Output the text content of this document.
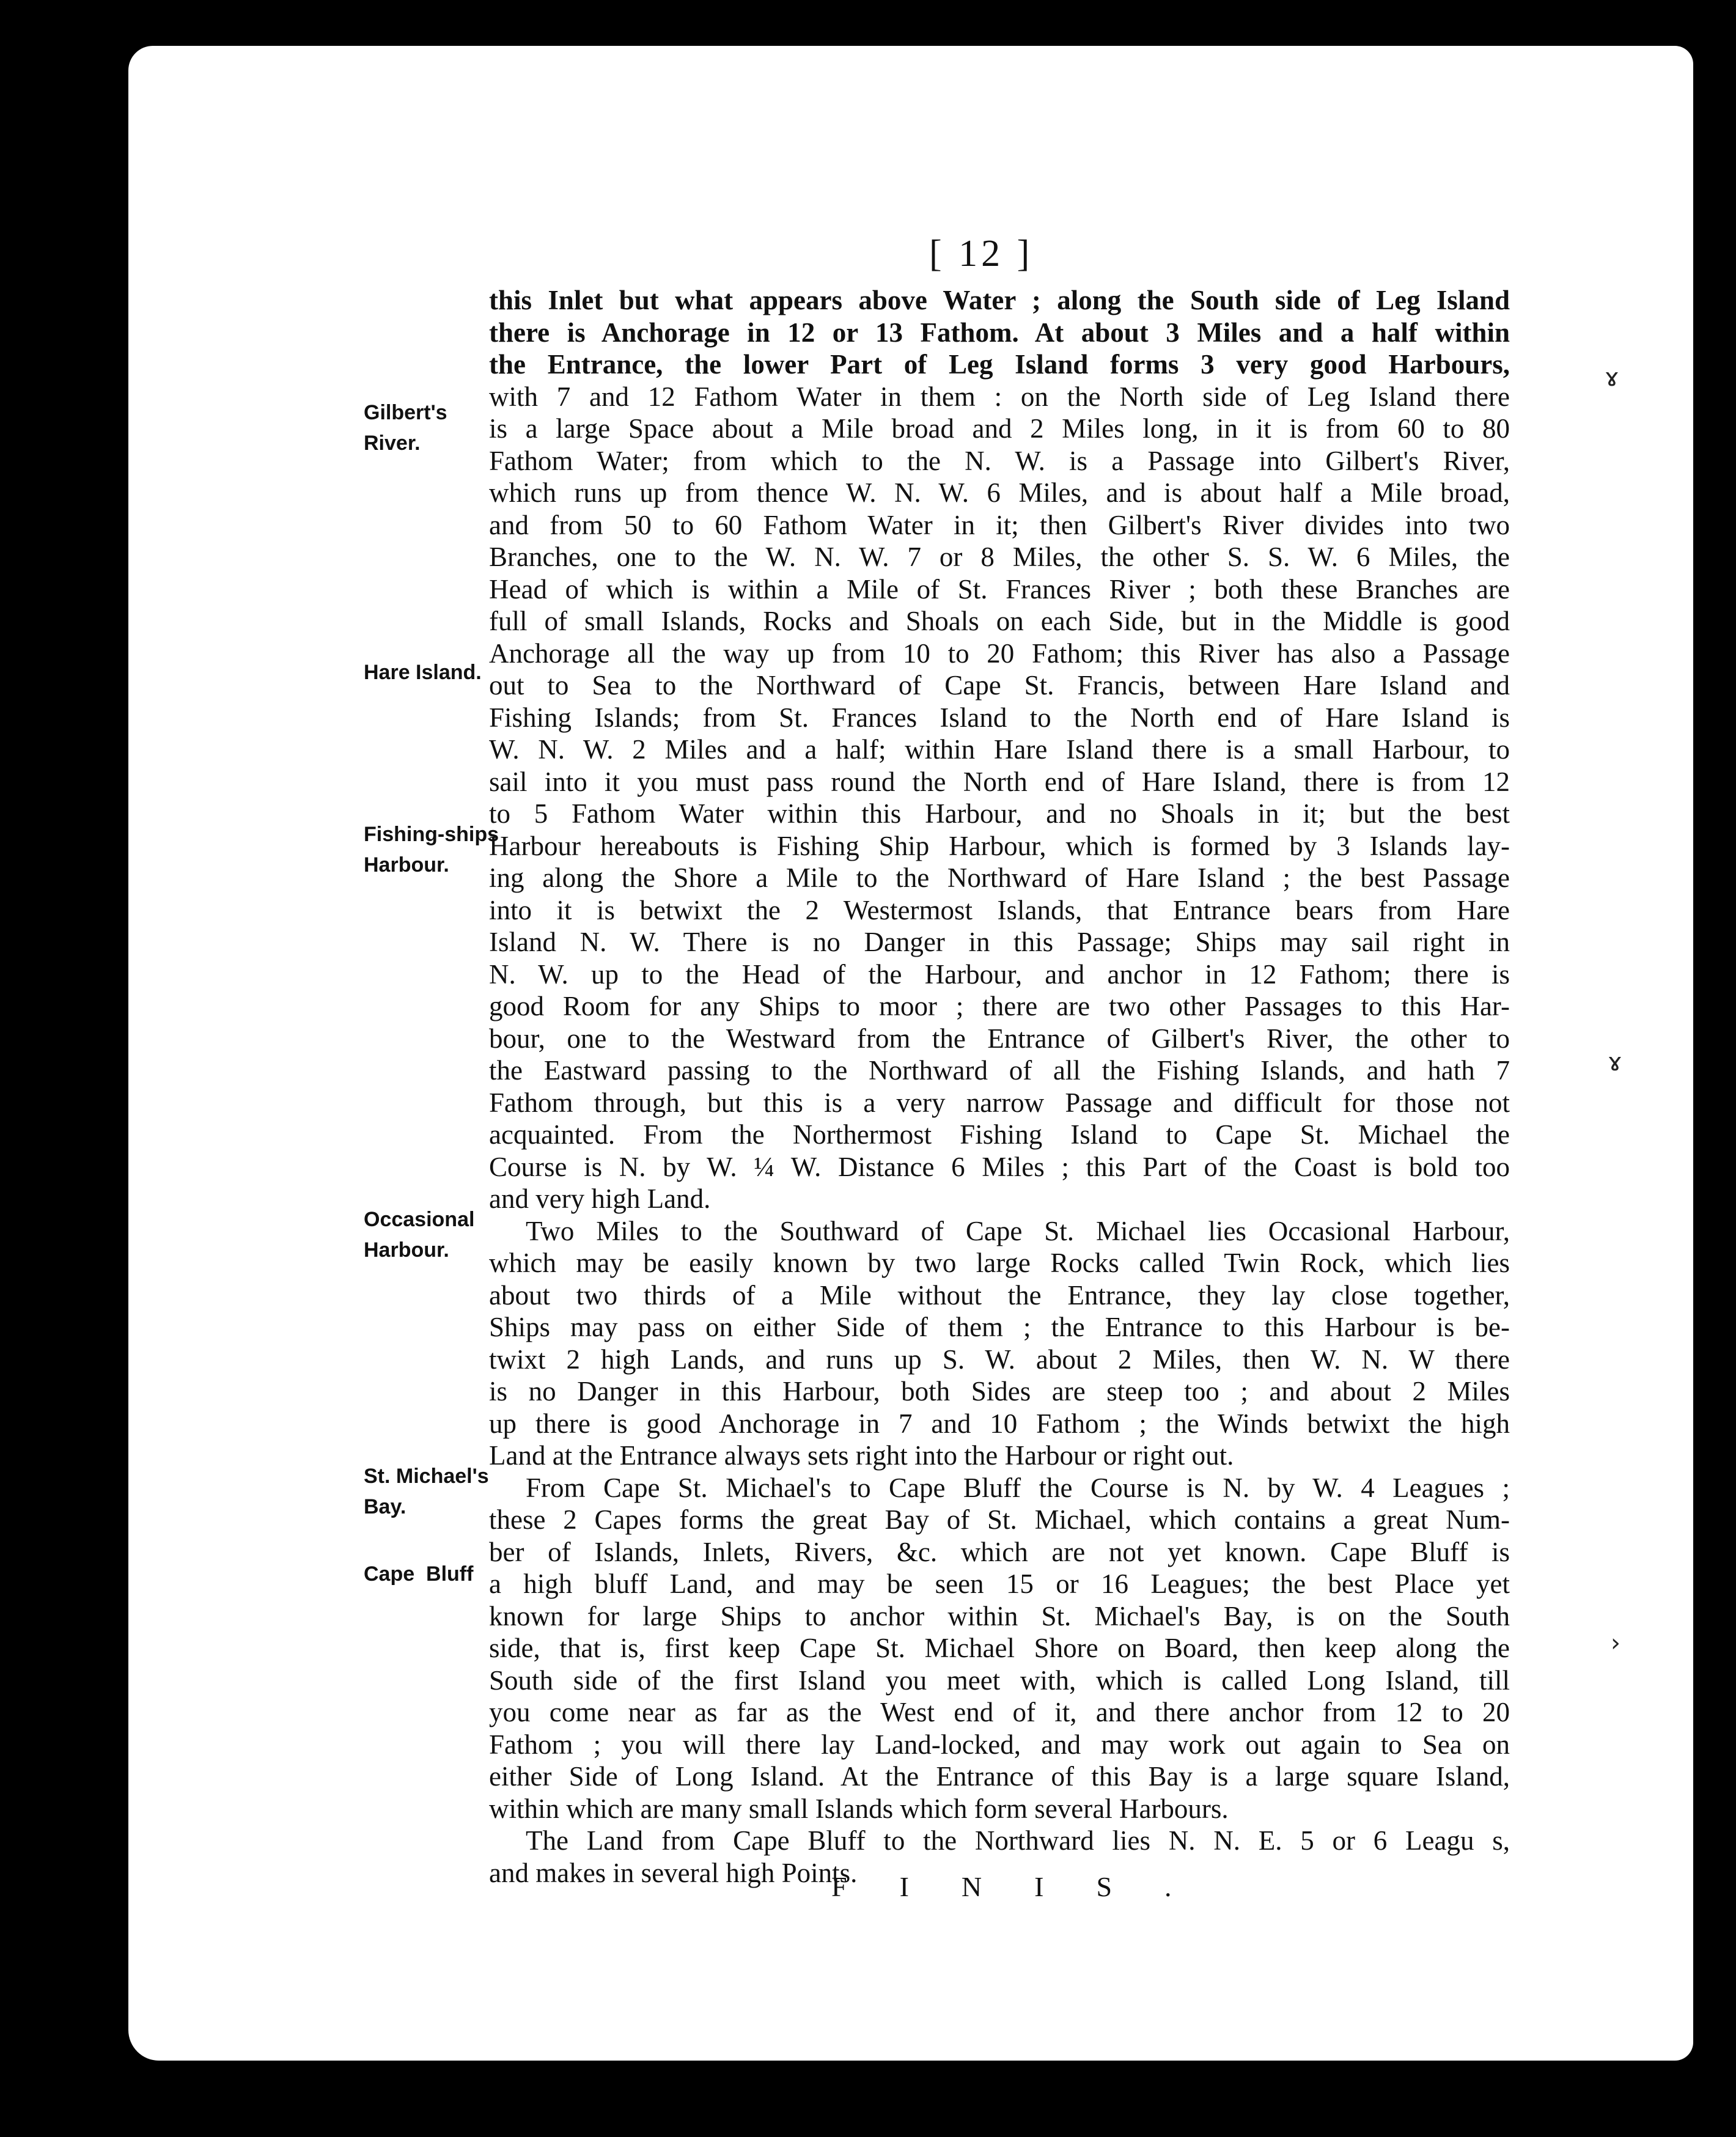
[ 12 ]
this Inlet but what appears above Water ; along the South side of Leg Island
there is Anchorage in 12 or 13 Fathom. At about 3 Miles and a half within
the Entrance, the lower Part of Leg Island forms 3 very good Harbours,
with 7 and 12 Fathom Water in them : on the North side of Leg Island there
is a large Space about a Mile broad and 2 Miles long, in it is from 60 to 80
Fathom Water; from which to the N. W. is a Passage into Gilbert's River,
which runs up from thence W. N. W. 6 Miles, and is about half a Mile broad,
and from 50 to 60 Fathom Water in it; then Gilbert's River divides into two
Branches, one to the W. N. W. 7 or 8 Miles, the other S. S. W. 6 Miles, the
Head of which is within a Mile of St. Frances River ; both these Branches are
full of small Islands, Rocks and Shoals on each Side, but in the Middle is good
Anchorage all the way up from 10 to 20 Fathom; this River has also a Passage
out to Sea to the Northward of Cape St. Francis, between Hare Island and
Fishing Islands; from St. Frances Island to the North end of Hare Island is
W. N. W. 2 Miles and a half; within Hare Island there is a small Harbour, to
sail into it you must pass round the North end of Hare Island, there is from 12
to 5 Fathom Water within this Harbour, and no Shoals in it; but the best
Harbour hereabouts is Fishing Ship Harbour, which is formed by 3 Islands lay-
ing along the Shore a Mile to the Northward of Hare Island ; the best Passage
into it is betwixt the 2 Westermost Islands, that Entrance bears from Hare
Island N. W. There is no Danger in this Passage; Ships may sail right in
N. W. up to the Head of the Harbour, and anchor in 12 Fathom; there is
good Room for any Ships to moor ; there are two other Passages to this Har-
bour, one to the Westward from the Entrance of Gilbert's River, the other to
the Eastward passing to the Northward of all the Fishing Islands, and hath 7
Fathom through, but this is a very narrow Passage and difficult for those not
acquainted. From the Northermost Fishing Island to Cape St. Michael the
Course is N. by W. ¼ W. Distance 6 Miles ; this Part of the Coast is bold too
and very high Land.
Two Miles to the Southward of Cape St. Michael lies Occasional Harbour,
which may be easily known by two large Rocks called Twin Rock, which lies
about two thirds of a Mile without the Entrance, they lay close together,
Ships may pass on either Side of them ; the Entrance to this Harbour is be-
twixt 2 high Lands, and runs up S. W. about 2 Miles, then W. N. W there
is no Danger in this Harbour, both Sides are steep too ; and about 2 Miles
up there is good Anchorage in 7 and 10 Fathom ; the Winds betwixt the high
Land at the Entrance always sets right into the Harbour or right out.
From Cape St. Michael's to Cape Bluff the Course is N. by W. 4 Leagues ;
these 2 Capes forms the great Bay of St. Michael, which contains a great Num-
ber of Islands, Inlets, Rivers, &c. which are not yet known. Cape Bluff is
a high bluff Land, and may be seen 15 or 16 Leagues; the best Place yet
known for large Ships to anchor within St. Michael's Bay, is on the South
side, that is, first keep Cape St. Michael Shore on Board, then keep along the
South side of the first Island you meet with, which is called Long Island, till
you come near as far as the West end of it, and there anchor from 12 to 20
Fathom ; you will there lay Land-locked, and may work out again to Sea on
either Side of Long Island. At the Entrance of this Bay is a large square Island,
within which are many small Islands which form several Harbours.
The Land from Cape Bluff to the Northward lies N. N. E. 5 or 6 Leagu s,
and makes in several high Points.
Gilbert's
River.
Hare Island.
Fishing-ships
Harbour.
Occasional
Harbour.
St. Michael's
Bay.
Cape  Bluff
FINIS.
ɤ
ɤ
›
